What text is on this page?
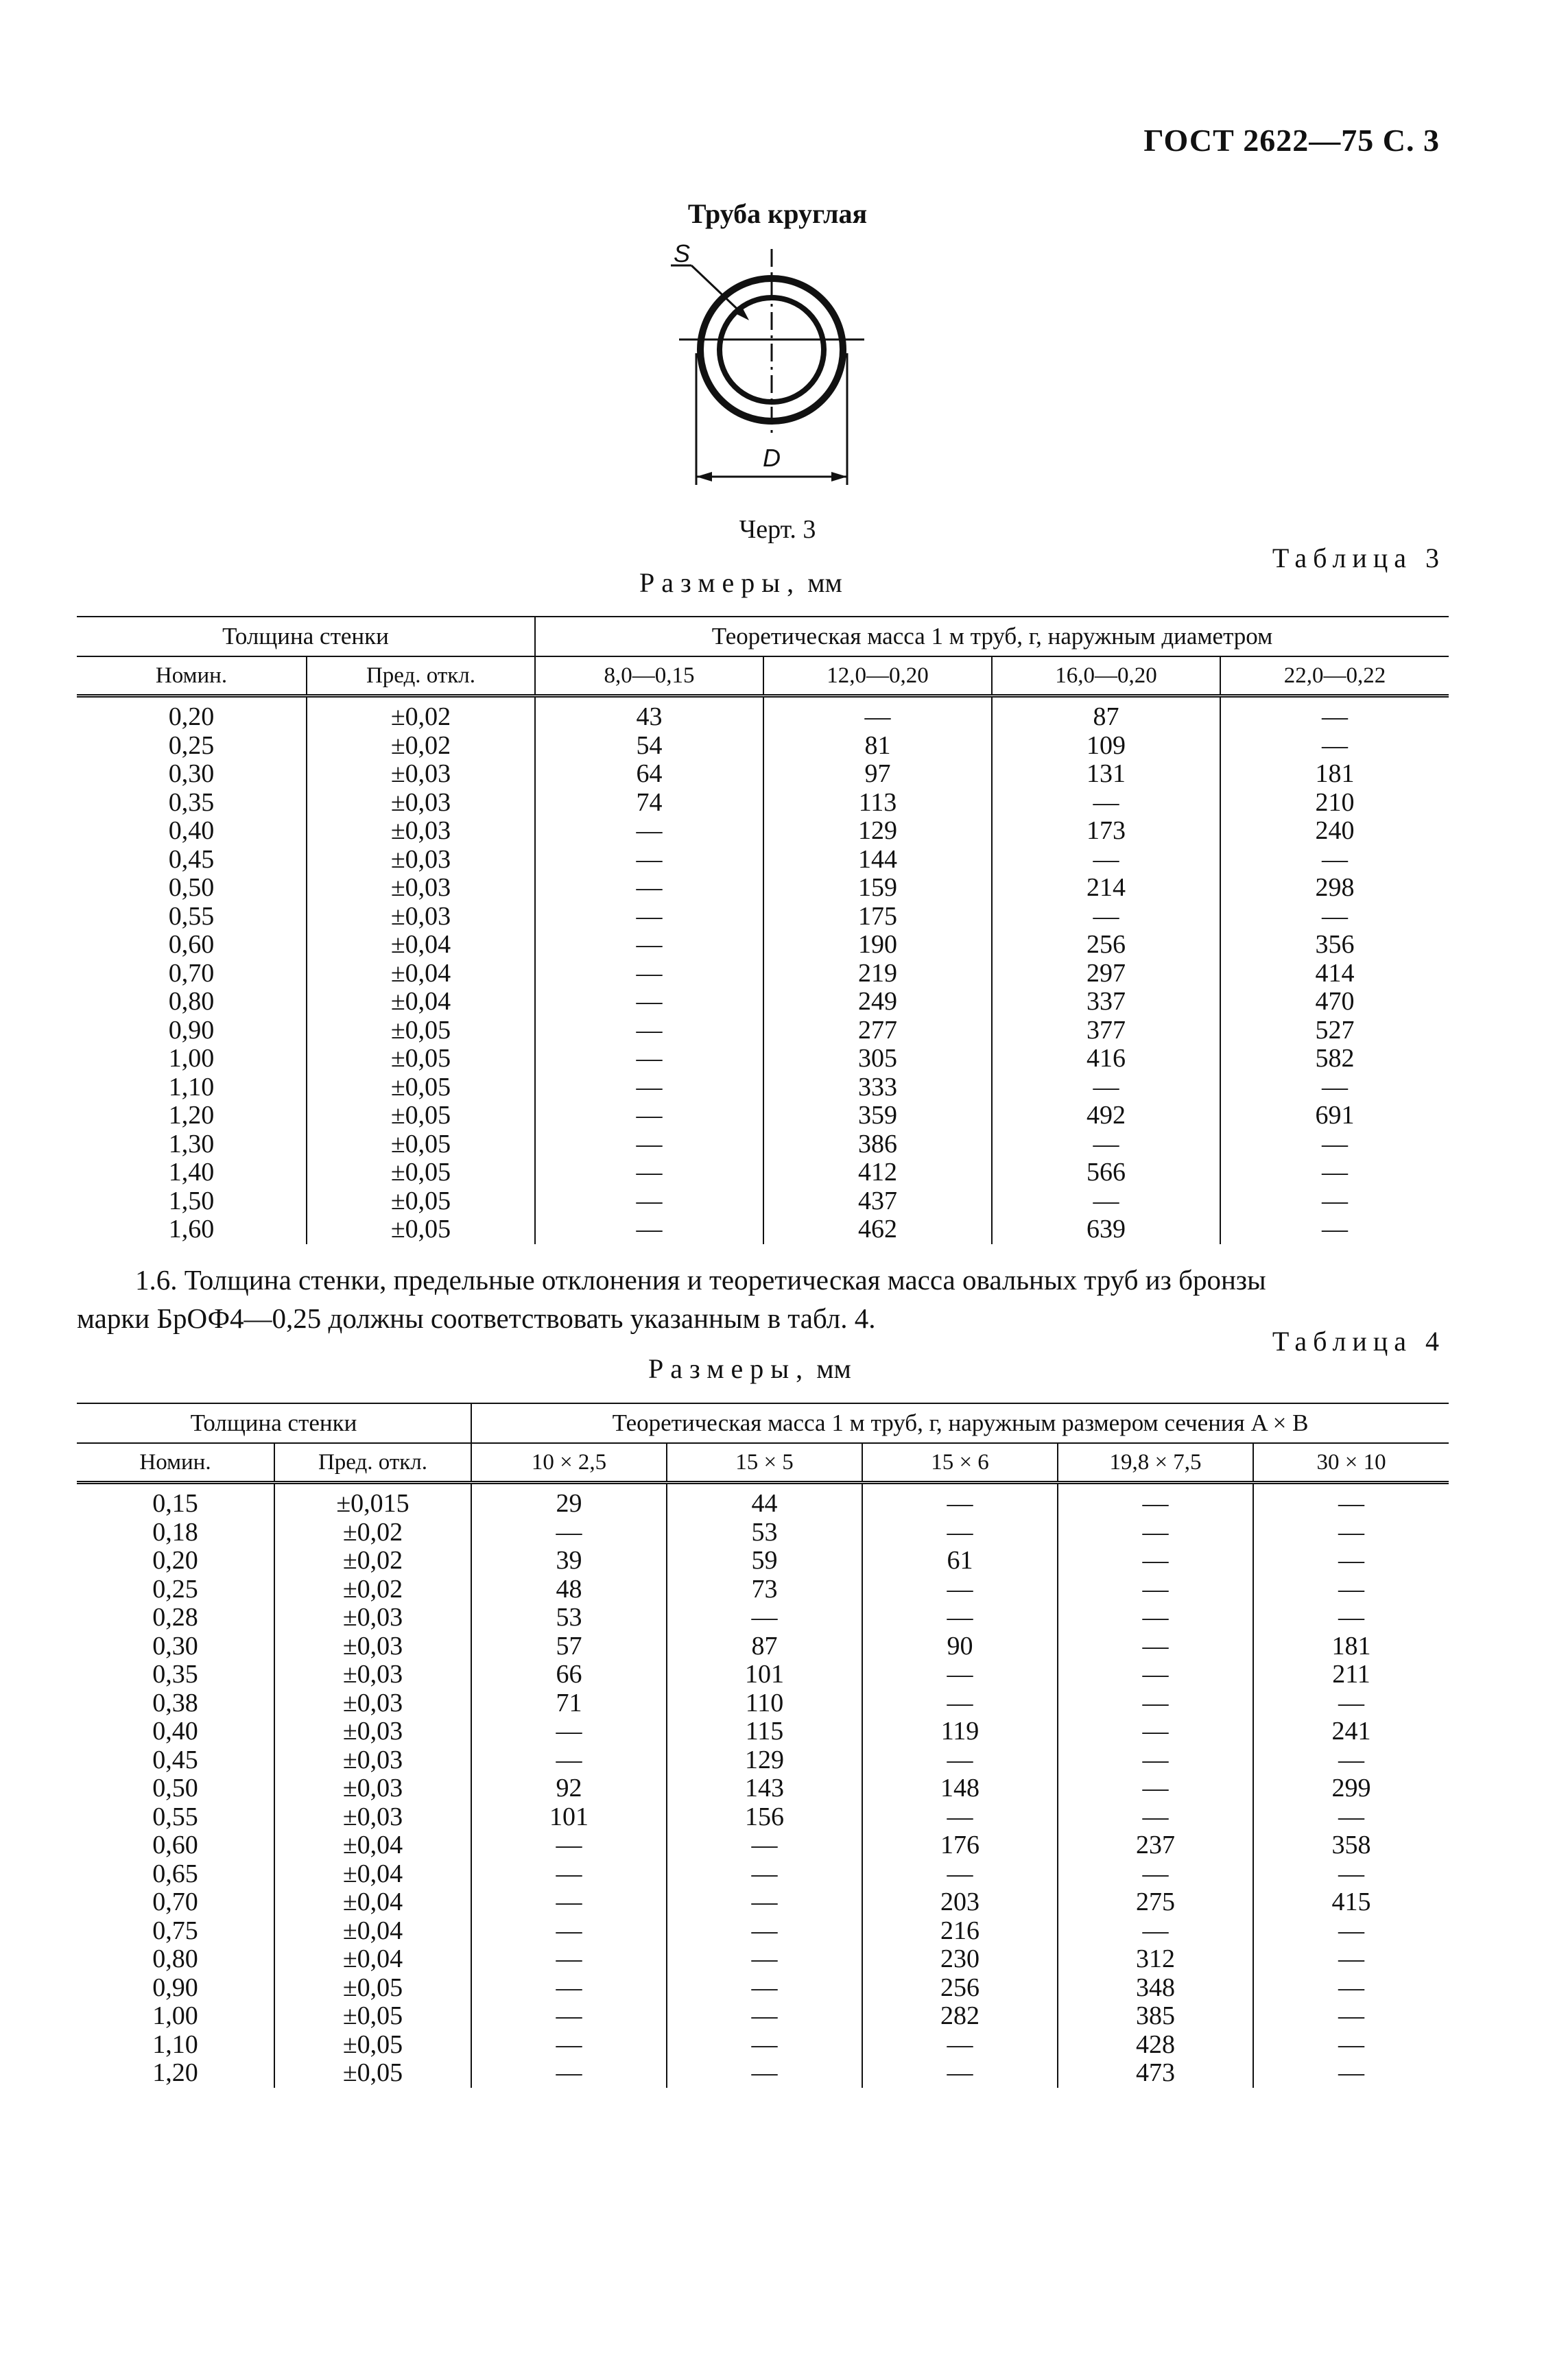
ГОСТ 2622—75 С. 3
Труба круглая
S
D
Черт. 3
Таблица 3
Размеры, мм
Толщина стенки		Теоретическая масса 1 м труб, г, наружным диаметром			
Номин.	Пред. откл.	8,0—0,15	12,0—0,20	16,0—0,20	22,0—0,22
0,20	±0,02	43	—	87	—
0,25	±0,02	54	81	109	—
0,30	±0,03	64	97	131	181
0,35	±0,03	74	113	—	210
0,40	±0,03	—	129	173	240
0,45	±0,03	—	144	—	—
0,50	±0,03	—	159	214	298
0,55	±0,03	—	175	—	—
0,60	±0,04	—	190	256	356
0,70	±0,04	—	219	297	414
0,80	±0,04	—	249	337	470
0,90	±0,05	—	277	377	527
1,00	±0,05	—	305	416	582
1,10	±0,05	—	333	—	—
1,20	±0,05	—	359	492	691
1,30	±0,05	—	386	—	—
1,40	±0,05	—	412	566	—
1,50	±0,05	—	437	—	—
1,60	±0,05	—	462	639	—

1.6. Толщина стенки, предельные отклонения и теоретическая масса овальных труб из бронзы

марки БрОФ4—0,25 должны соответствовать указанным в табл. 4.

Таблица 4
Размеры, мм
Толщина стенки		Теоретическая масса 1 м труб, г, наружным размером сечения A × B				
Номин.	Пред. откл.	10 × 2,5	15 × 5	15 × 6	19,8 × 7,5	30 × 10
0,15	±0,015	29	44	—	—	—
0,18	±0,02	—	53	—	—	—
0,20	±0,02	39	59	61	—	—
0,25	±0,02	48	73	—	—	—
0,28	±0,03	53	—	—	—	—
0,30	±0,03	57	87	90	—	181
0,35	±0,03	66	101	—	—	211
0,38	±0,03	71	110	—	—	—
0,40	±0,03	—	115	119	—	241
0,45	±0,03	—	129	—	—	—
0,50	±0,03	92	143	148	—	299
0,55	±0,03	101	156	—	—	—
0,60	±0,04	—	—	176	237	358
0,65	±0,04	—	—	—	—	—
0,70	±0,04	—	—	203	275	415
0,75	±0,04	—	—	216	—	—
0,80	±0,04	—	—	230	312	—
0,90	±0,05	—	—	256	348	—
1,00	±0,05	—	—	282	385	—
1,10	±0,05	—	—	—	428	—
1,20	±0,05	—	—	—	473	—
